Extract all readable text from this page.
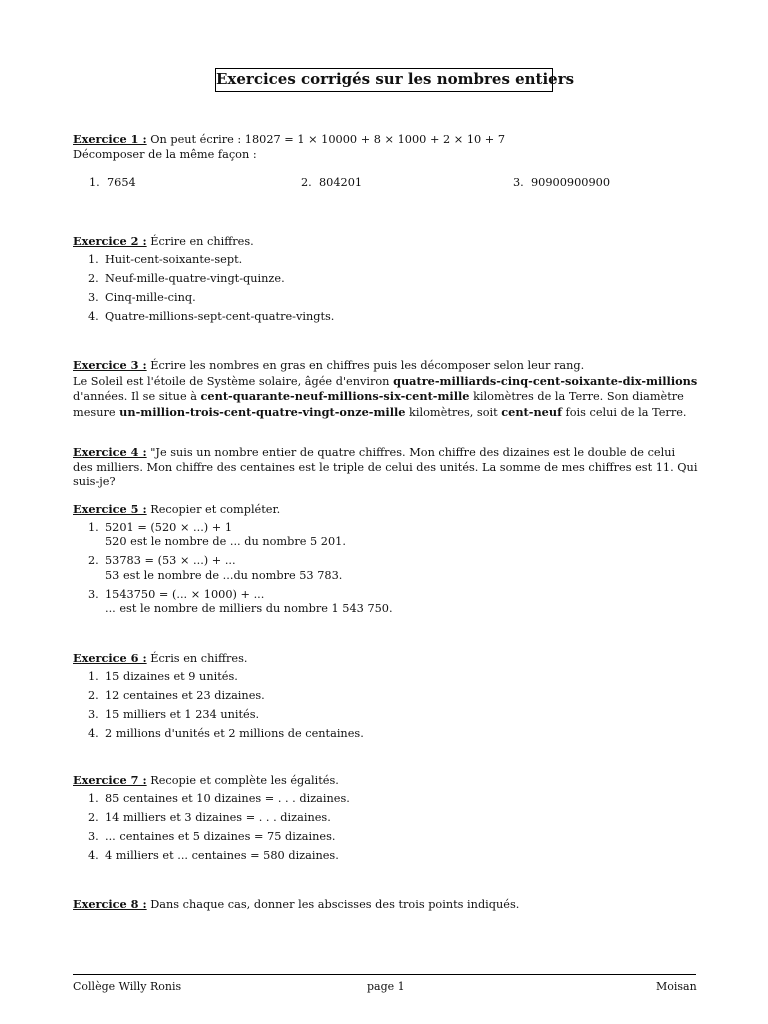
Exercices corrigés sur les nombres entiers
Exercice 1 : On peut écrire : 18027 = 1 × 10000 + 8 × 1000 + 2 × 10 + 7
Décomposer de la même façon :
1. 7654	2. 804201	3. 90900900900
Exercice 2 : Écrire en chiffres.
1. Huit-cent-soixante-sept.
2. Neuf-mille-quatre-vingt-quinze.
3. Cinq-mille-cinq.
4. Quatre-millions-sept-cent-quatre-vingts.
Exercice 3 : Écrire les nombres en gras en chiffres puis les décomposer selon leur rang.
Le Soleil est l'étoile de Système solaire, âgée d'environ quatre-milliards-cinq-cent-soixante-dix-millions d'années. Il se situe à cent-quarante-neuf-millions-six-cent-mille kilomètres de la Terre. Son diamètre mesure un-million-trois-cent-quatre-vingt-onze-mille kilomètres, soit cent-neuf fois celui de la Terre.
Exercice 4 : "Je suis un nombre entier de quatre chiffres. Mon chiffre des dizaines est le double de celui des milliers. Mon chiffre des centaines est le triple de celui des unités. La somme de mes chiffres est 11. Qui suis-je?
Exercice 5 : Recopier et compléter.
1. 5201 = (520 × ...) + 1
520 est le nombre de ... du nombre 5 201.
2. 53783 = (53 × ...) + ...
53 est le nombre de ...du nombre 53 783.
3. 1543750 = (... × 1000) + ...
... est le nombre de milliers du nombre 1 543 750.
Exercice 6 : Écris en chiffres.
1. 15 dizaines et 9 unités.
2. 12 centaines et 23 dizaines.
3. 15 milliers et 1 234 unités.
4. 2 millions d'unités et 2 millions de centaines.
Exercice 7 : Recopie et complète les égalités.
1. 85 centaines et 10 dizaines = . . . dizaines.
2. 14 milliers et 3 dizaines = . . . dizaines.
3. ... centaines et 5 dizaines = 75 dizaines.
4. 4 milliers et ... centaines = 580 dizaines.
Exercice 8 : Dans chaque cas, donner les abscisses des trois points indiqués.
Collège Willy Ronis	page 1	Moisan
